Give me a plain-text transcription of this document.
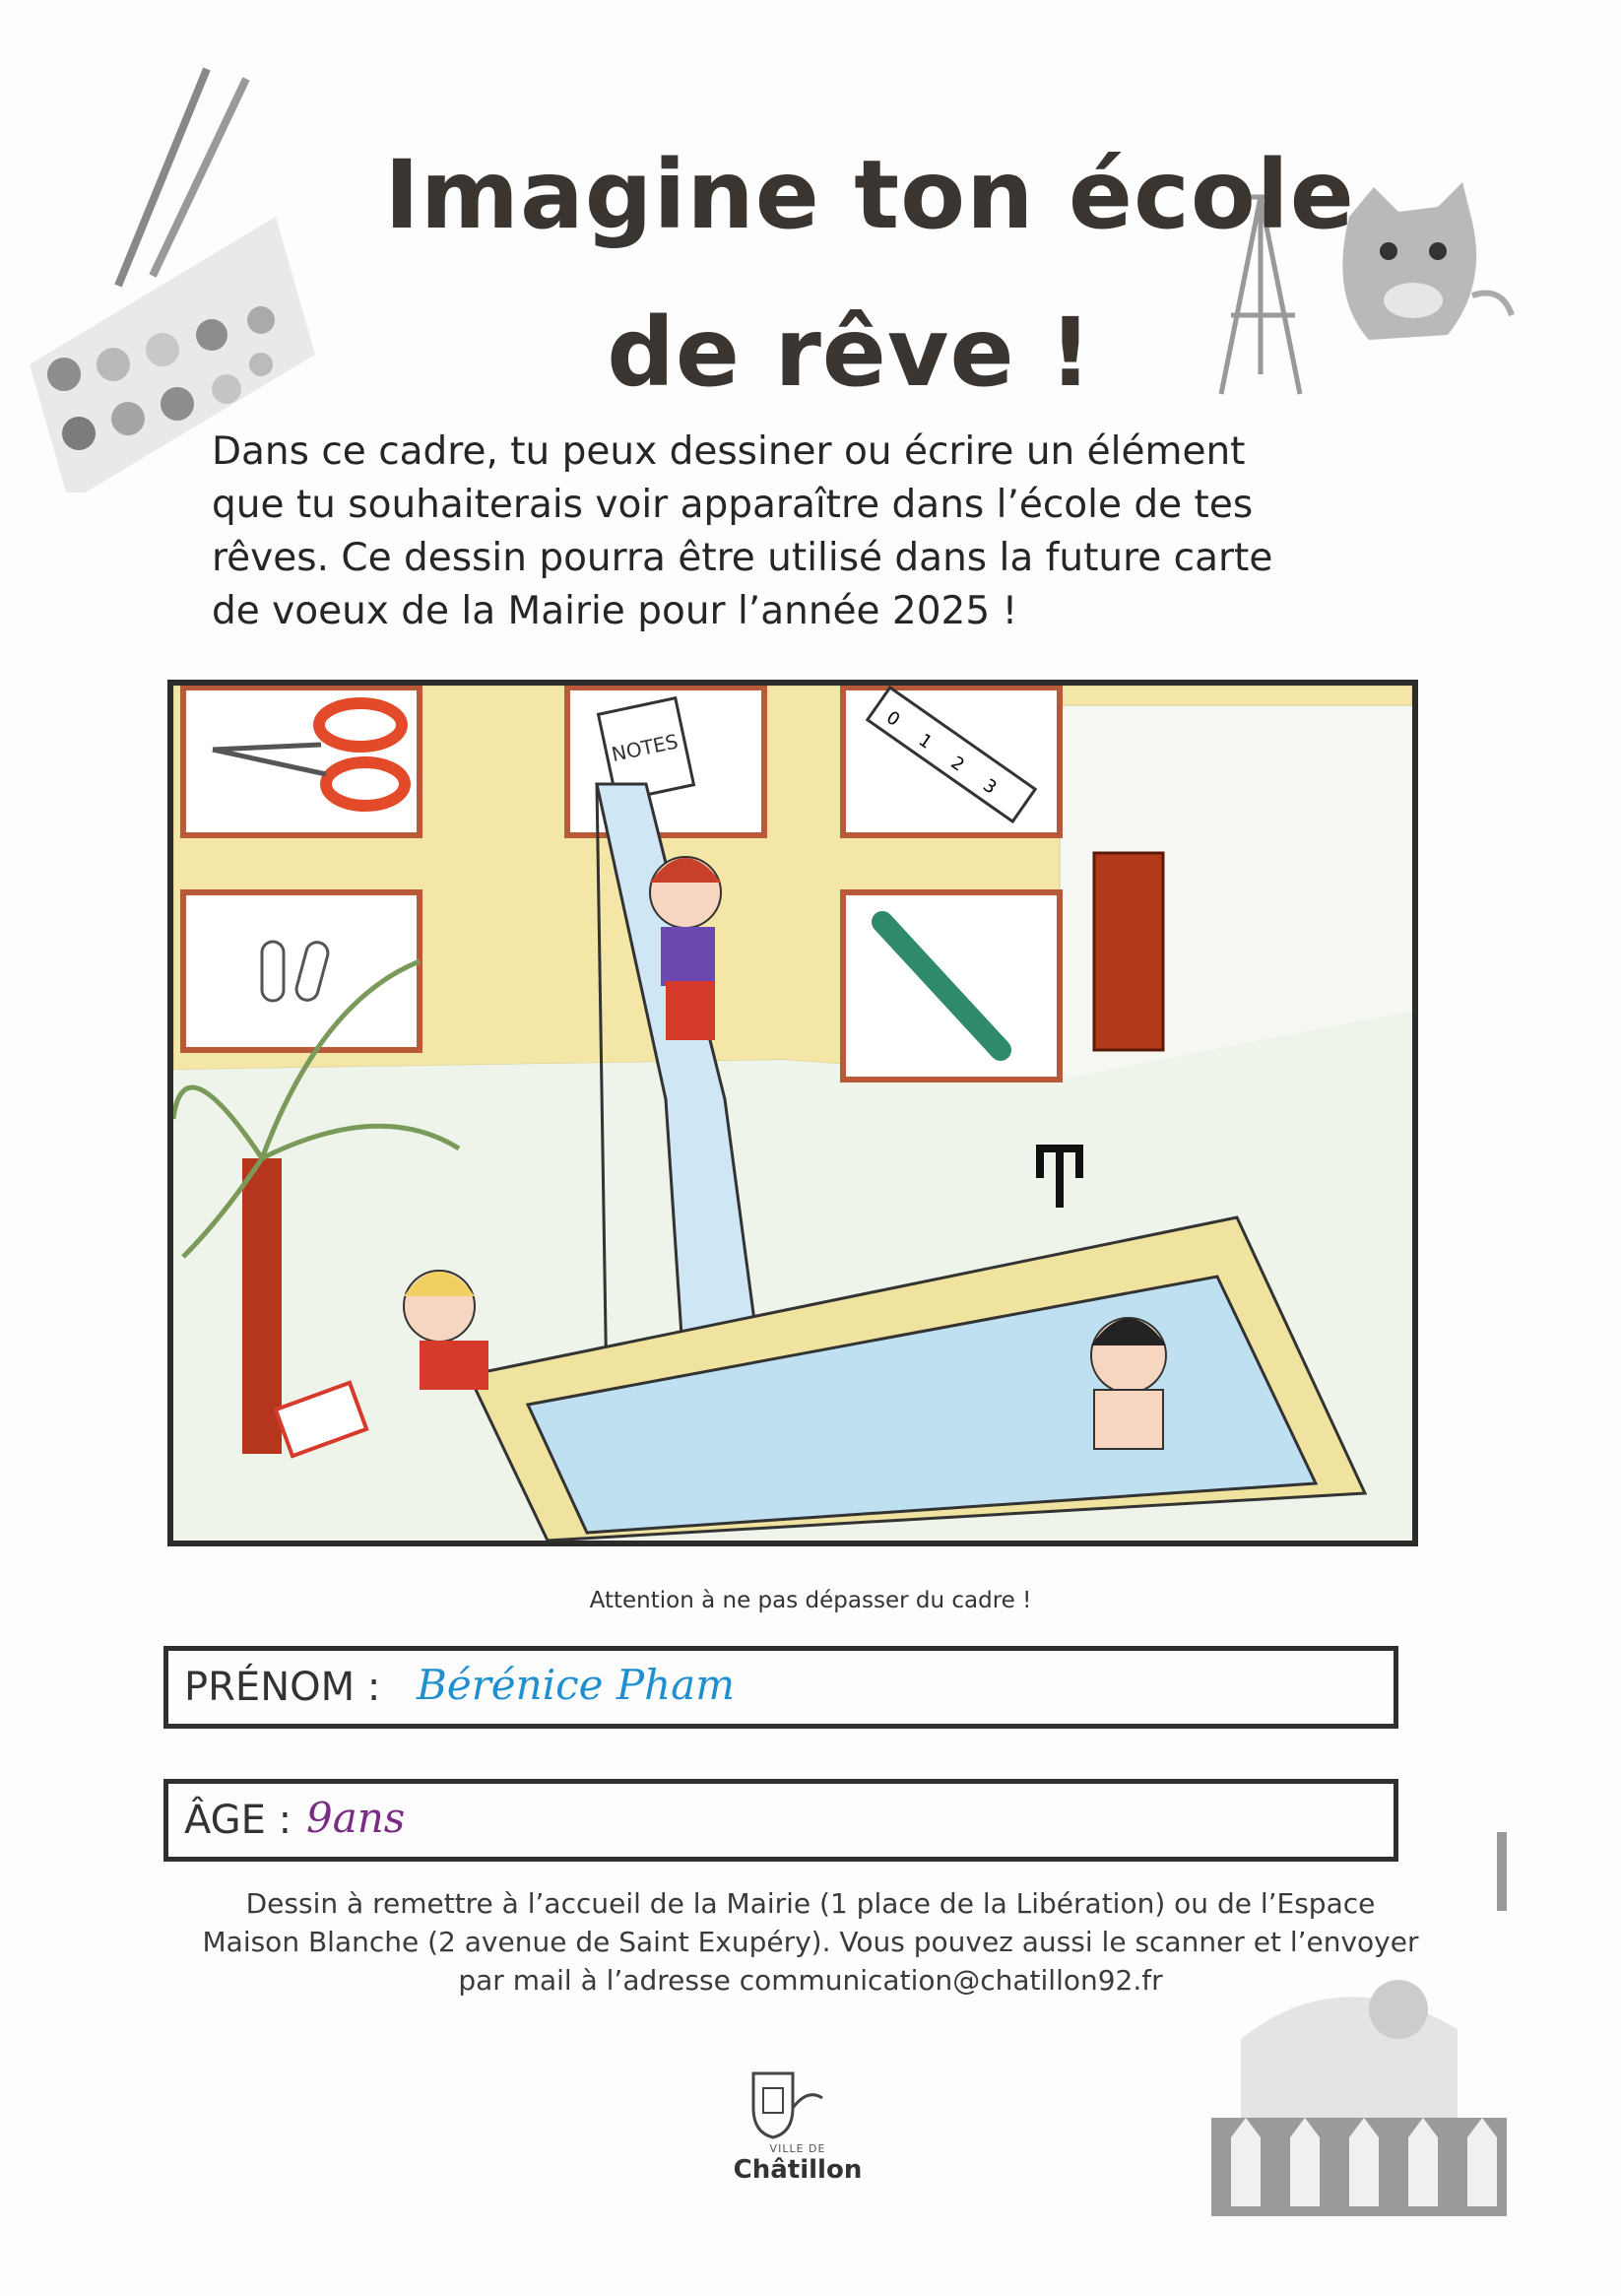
Imagine ton école
de rêve !
Dans ce cadre, tu peux dessiner ou écrire un élément
que tu souhaiterais voir apparaître dans l’école de tes
rêves. Ce dessin pourra être utilisé dans la future carte
de voeux de la Mairie pour l’année 2025 !
NOTES
0
1
2
3
Attention à ne pas dépasser du cadre !
PRÉNOM : Bérénice Pham
ÂGE : 9ans
Dessin à remettre à l’accueil de la Mairie (1 place de la Libération) ou de l’Espace
Maison Blanche (2 avenue de Saint Exupéry). Vous pouvez aussi le scanner et l’envoyer
par mail à l’adresse communication@chatillon92.fr
VILLE DE
Châtillon
